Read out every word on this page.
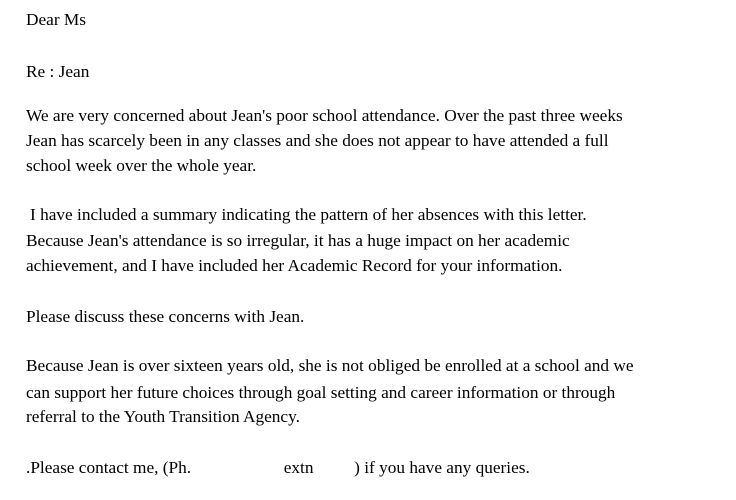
Dear Ms

Re : Jean

We are very concerned about Jean's poor school attendance. Over the past three weeks

Jean has scarcely been in any classes and she does not appear to have attended a full

school week over the whole year.

I have included a summary indicating the pattern of her absences with this letter.

Because Jean's attendance is so irregular, it has a huge impact on her academic

achievement, and I have included her Academic Record for your information.

Please discuss these concerns with Jean.

Because Jean is over sixteen years old, she is not obliged be enrolled at a school and we

can support her future choices through goal setting and career information or through

referral to the Youth Transition Agency.

.Please contact me, (Ph.	extn ) if you have any queries.
